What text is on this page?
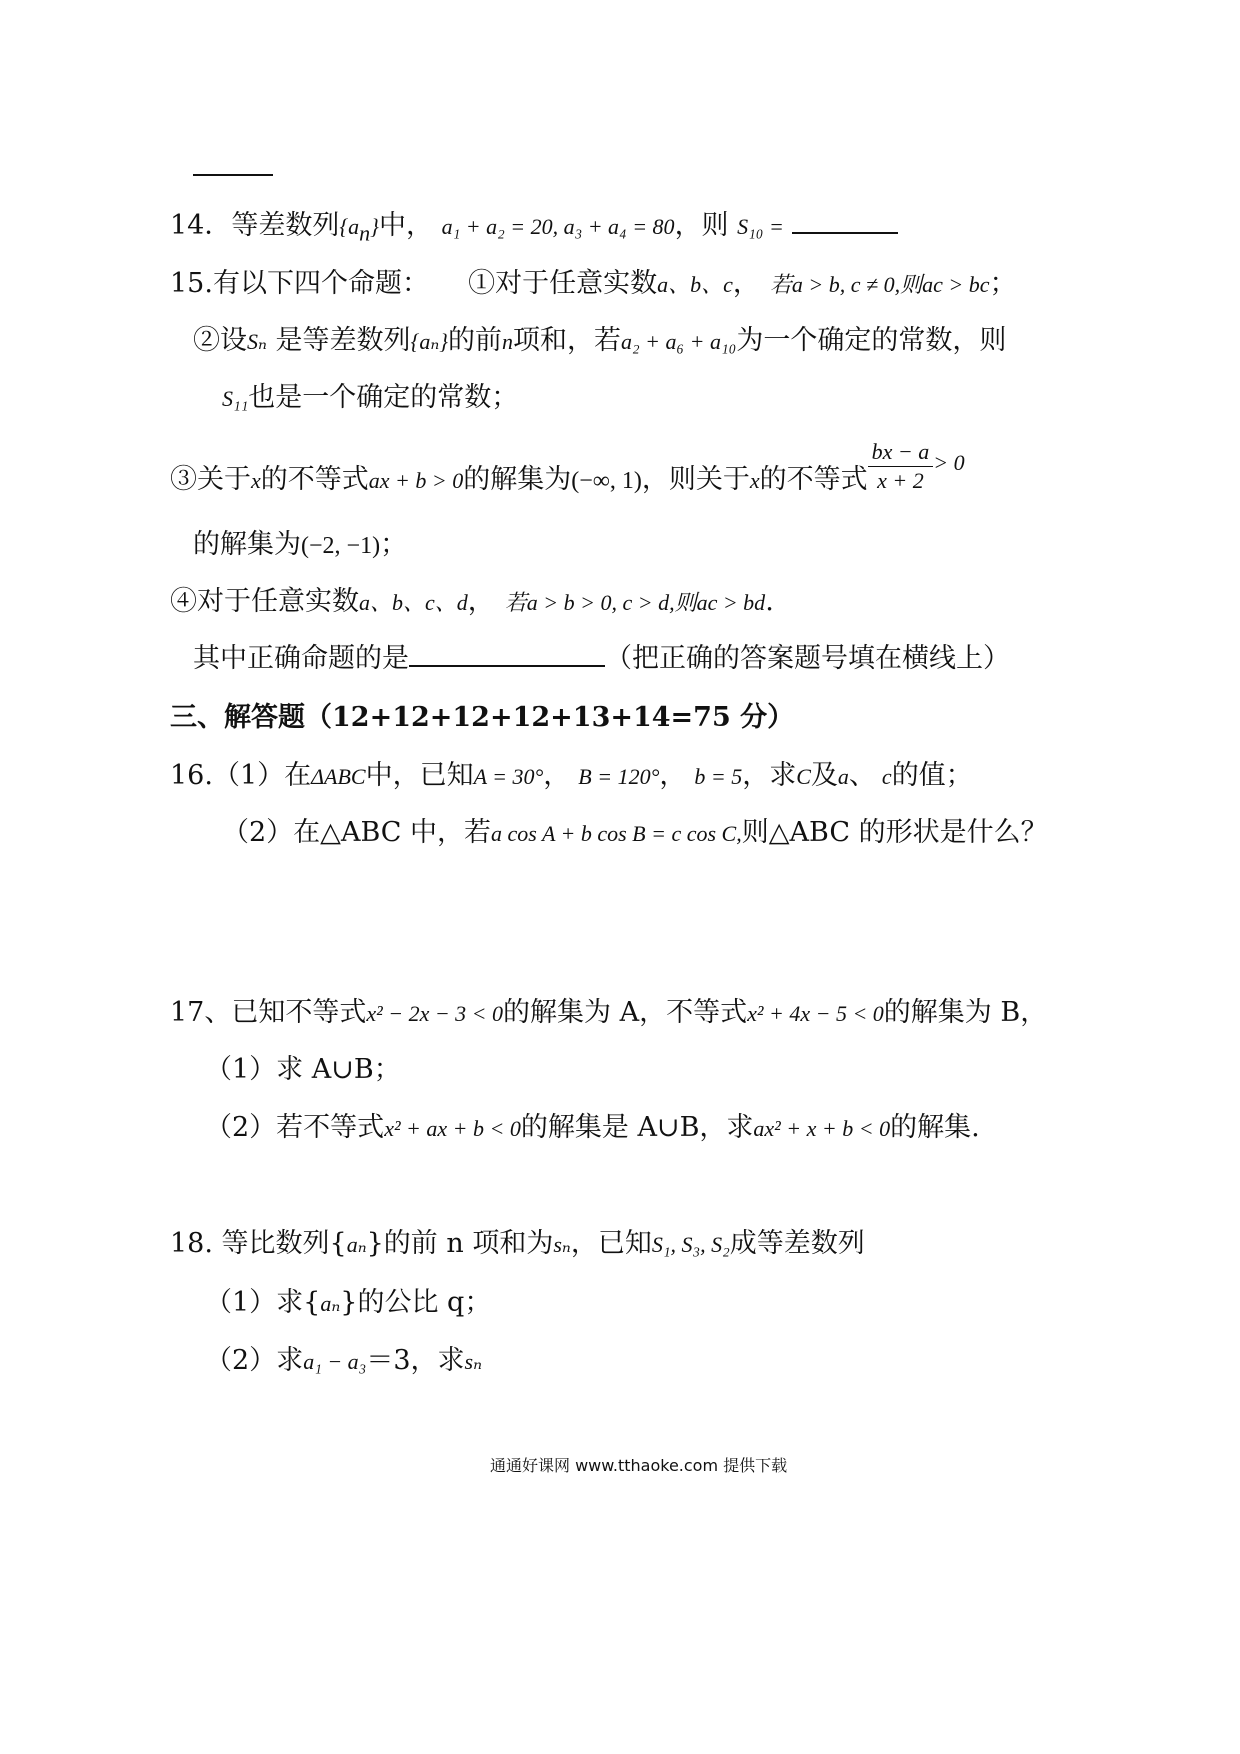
14．等差数列$\{a_n\}$中， a₁ + a₂ = 20, a₃ + a₄ = 80，则 S₁₀ =
15.有以下四个命题： ①对于任意实数a、b、c， 若a > b, c ≠ 0,则ac > bc；
②设Sₙ 是等差数列{aₙ}的前n项和，若a₂ + a₆ + a₁₀为一个确定的常数，则
S₁₁也是一个确定的常数；
③关于x的不等式ax + b > 0的解集为(−∞, 1)，则关于x的不等式 $\frac{bx - a}{x + 2} ^{> 0}$
的解集为(−2, −1)；
④对于任意实数a、b、c、d， 若a > b > 0, c > d,则ac > bd.
其中正确命题的是	（把正确的答案题号填在横线上）
三、解答题（12+12+12+12+13+14=75 分）
16.（1）在ΔABC中，已知A = 30°， B = 120°， b = 5，求C及a、 c的值；
（2）在△ABC 中，若a cos A + b cos B = c cos C,则△ABC 的形状是什么？
17、已知不等式x² − 2x − 3 < 0的解集为 A，不等式x² + 4x − 5 < 0的解集为 B，
（1）求 A∪B；
（2）若不等式x² + ax + b < 0的解集是 A∪B，求ax² + x + b < 0的解集.
18. 等比数列{aₙ}的前 n 项和为sₙ，已知S₁, S₃, S₂成等差数列
（1）求{aₙ}的公比 q；
（2）求a₁ − a₃＝3，求sₙ
通通好课网 www.tthaoke.com 提供下载
